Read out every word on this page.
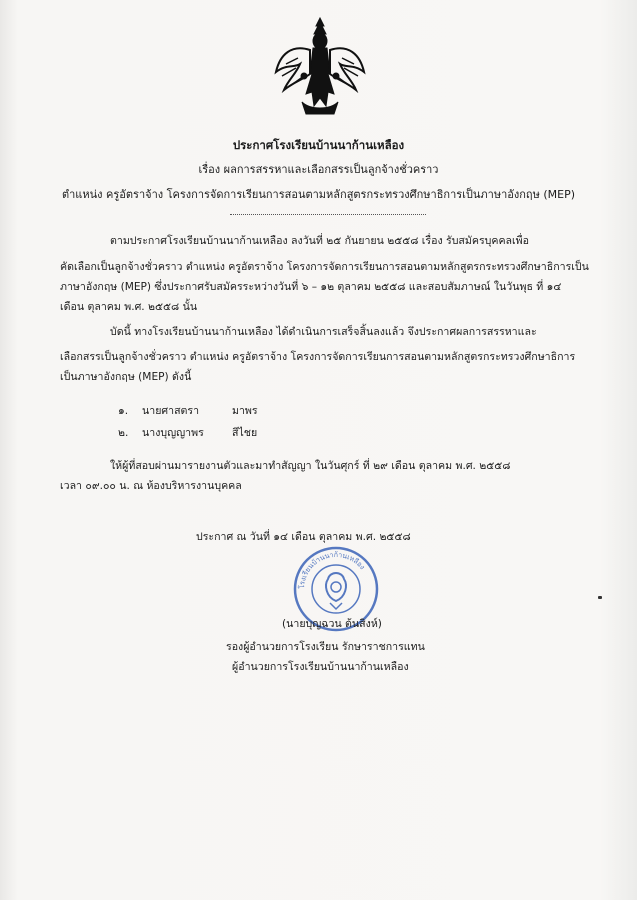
ประกาศโรงเรียนบ้านนาก้านเหลือง
เรื่อง ผลการสรรหาและเลือกสรรเป็นลูกจ้างชั่วคราว
ตำแหน่ง ครูอัตราจ้าง โครงการจัดการเรียนการสอนตามหลักสูตรกระทรวงศึกษาธิการเป็นภาษาอังกฤษ (MEP)
ตามประกาศโรงเรียนบ้านนาก้านเหลือง ลงวันที่ ๒๕ กันยายน ๒๕๕๘ เรื่อง รับสมัครบุคคลเพื่อ
คัดเลือกเป็นลูกจ้างชั่วคราว ตำแหน่ง ครูอัตราจ้าง โครงการจัดการเรียนการสอนตามหลักสูตรกระทรวงศึกษาธิการเป็น
ภาษาอังกฤษ (MEP) ซึ่งประกาศรับสมัครระหว่างวันที่ ๖ – ๑๒ ตุลาคม ๒๕๕๘ และสอบสัมภาษณ์ ในวันพุธ ที่ ๑๔
เดือน ตุลาคม พ.ศ. ๒๕๕๘ นั้น
บัดนี้ ทางโรงเรียนบ้านนาก้านเหลือง ได้ดำเนินการเสร็จสิ้นลงแล้ว จึงประกาศผลการสรรหาและ
เลือกสรรเป็นลูกจ้างชั่วคราว ตำแหน่ง ครูอัตราจ้าง โครงการจัดการเรียนการสอนตามหลักสูตรกระทรวงศึกษาธิการ
เป็นภาษาอังกฤษ (MEP) ดังนี้
๑. นายศาสตรา	มาพร
๒. นางบุญญาพร	สีไชย
ให้ผู้ที่สอบผ่านมารายงานตัวและมาทำสัญญา ในวันศุกร์ ที่ ๒๙ เดือน ตุลาคม พ.ศ. ๒๕๕๘
เวลา ๐๙.๐๐ น. ณ ห้องบริหารงานบุคคล
ประกาศ ณ วันที่ ๑๔ เดือน ตุลาคม พ.ศ. ๒๕๕๘
โรงเรียนบ้านนาก้านเหลือง
(นายบุญฉวน ต้นสิงห์)
รองผู้อำนวยการโรงเรียน รักษาราชการแทน
ผู้อำนวยการโรงเรียนบ้านนาก้านเหลือง
